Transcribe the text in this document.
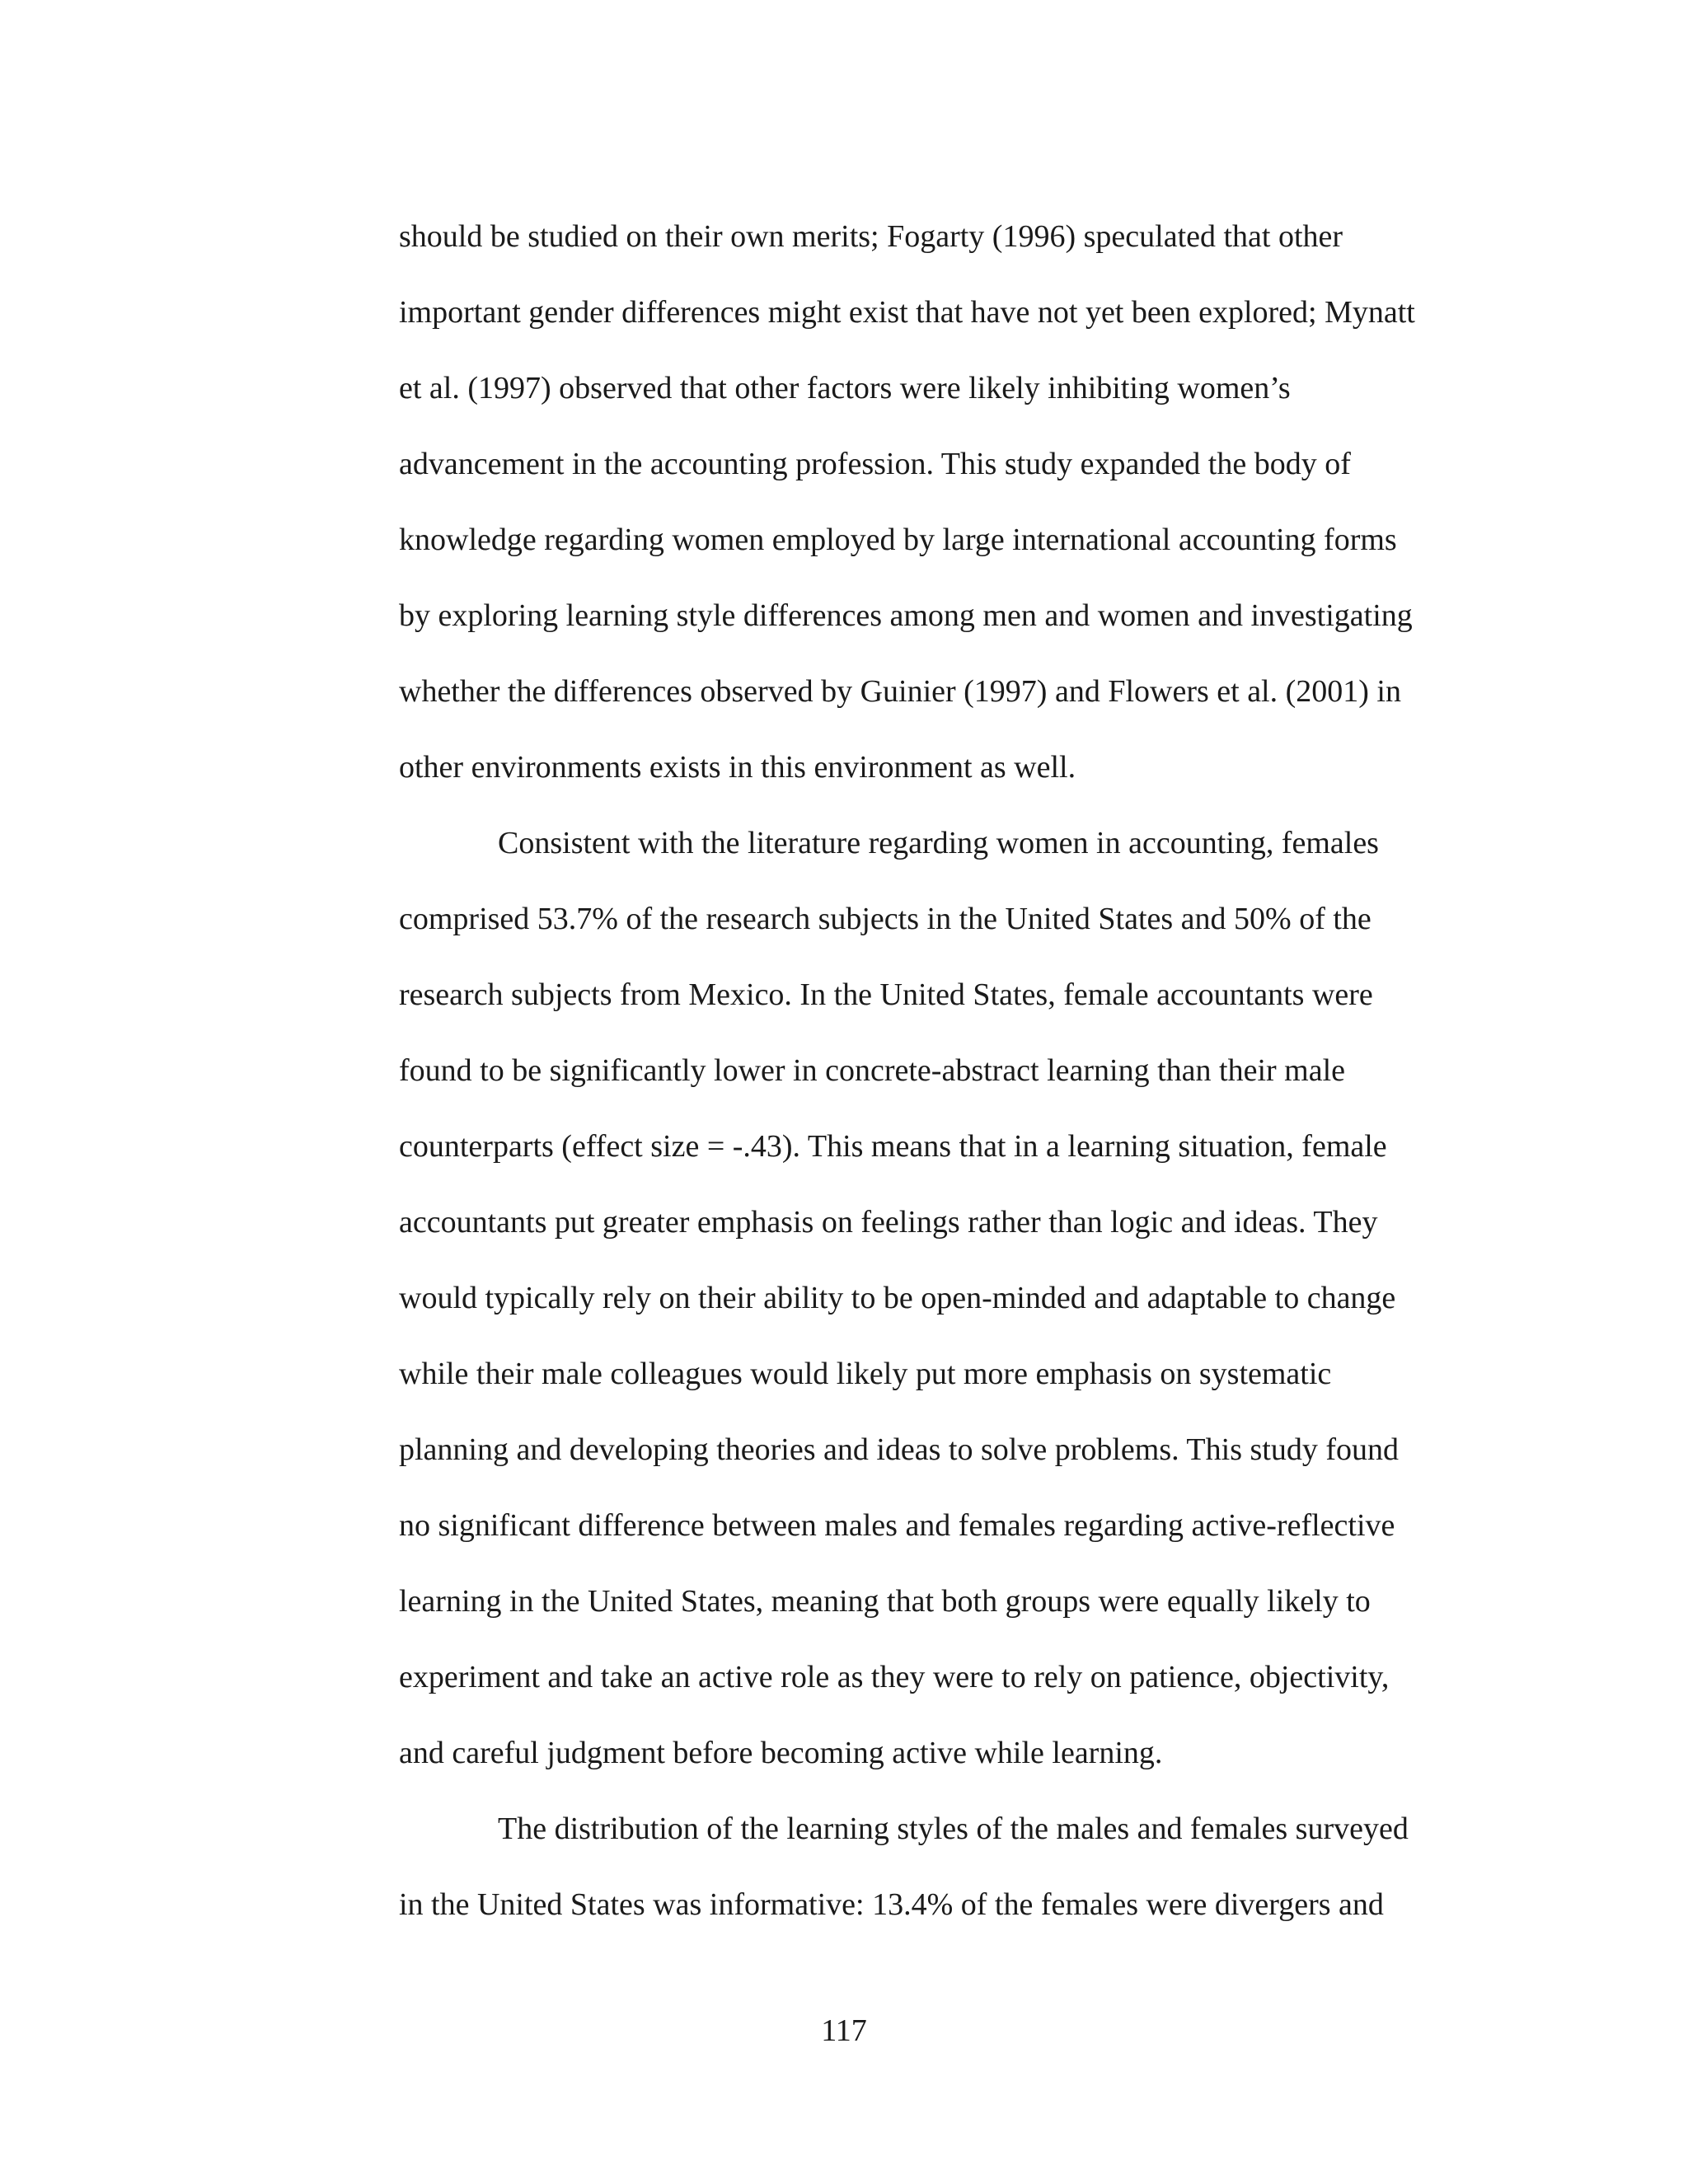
should be studied on their own merits; Fogarty (1996) speculated that other
important gender differences might exist that have not yet been explored; Mynatt
et al. (1997) observed that other factors were likely inhibiting women’s
advancement in the accounting profession. This study expanded the body of
knowledge regarding women employed by large international accounting forms
by exploring learning style differences among men and women and investigating
whether the differences observed by Guinier (1997) and Flowers et al. (2001) in
other environments exists in this environment as well.
Consistent with the literature regarding women in accounting, females
comprised 53.7% of the research subjects in the United States and 50% of the
research subjects from Mexico. In the United States, female accountants were
found to be significantly lower in concrete-abstract learning than their male
counterparts (effect size = -.43). This means that in a learning situation, female
accountants put greater emphasis on feelings rather than logic and ideas. They
would typically rely on their ability to be open-minded and adaptable to change
while their male colleagues would likely put more emphasis on systematic
planning and developing theories and ideas to solve problems. This study found
no significant difference between males and females regarding active-reflective
learning in the United States, meaning that both groups were equally likely to
experiment and take an active role as they were to rely on patience, objectivity,
and careful judgment before becoming active while learning.
The distribution of the learning styles of the males and females surveyed
in the United States was informative: 13.4% of the females were divergers and
117
